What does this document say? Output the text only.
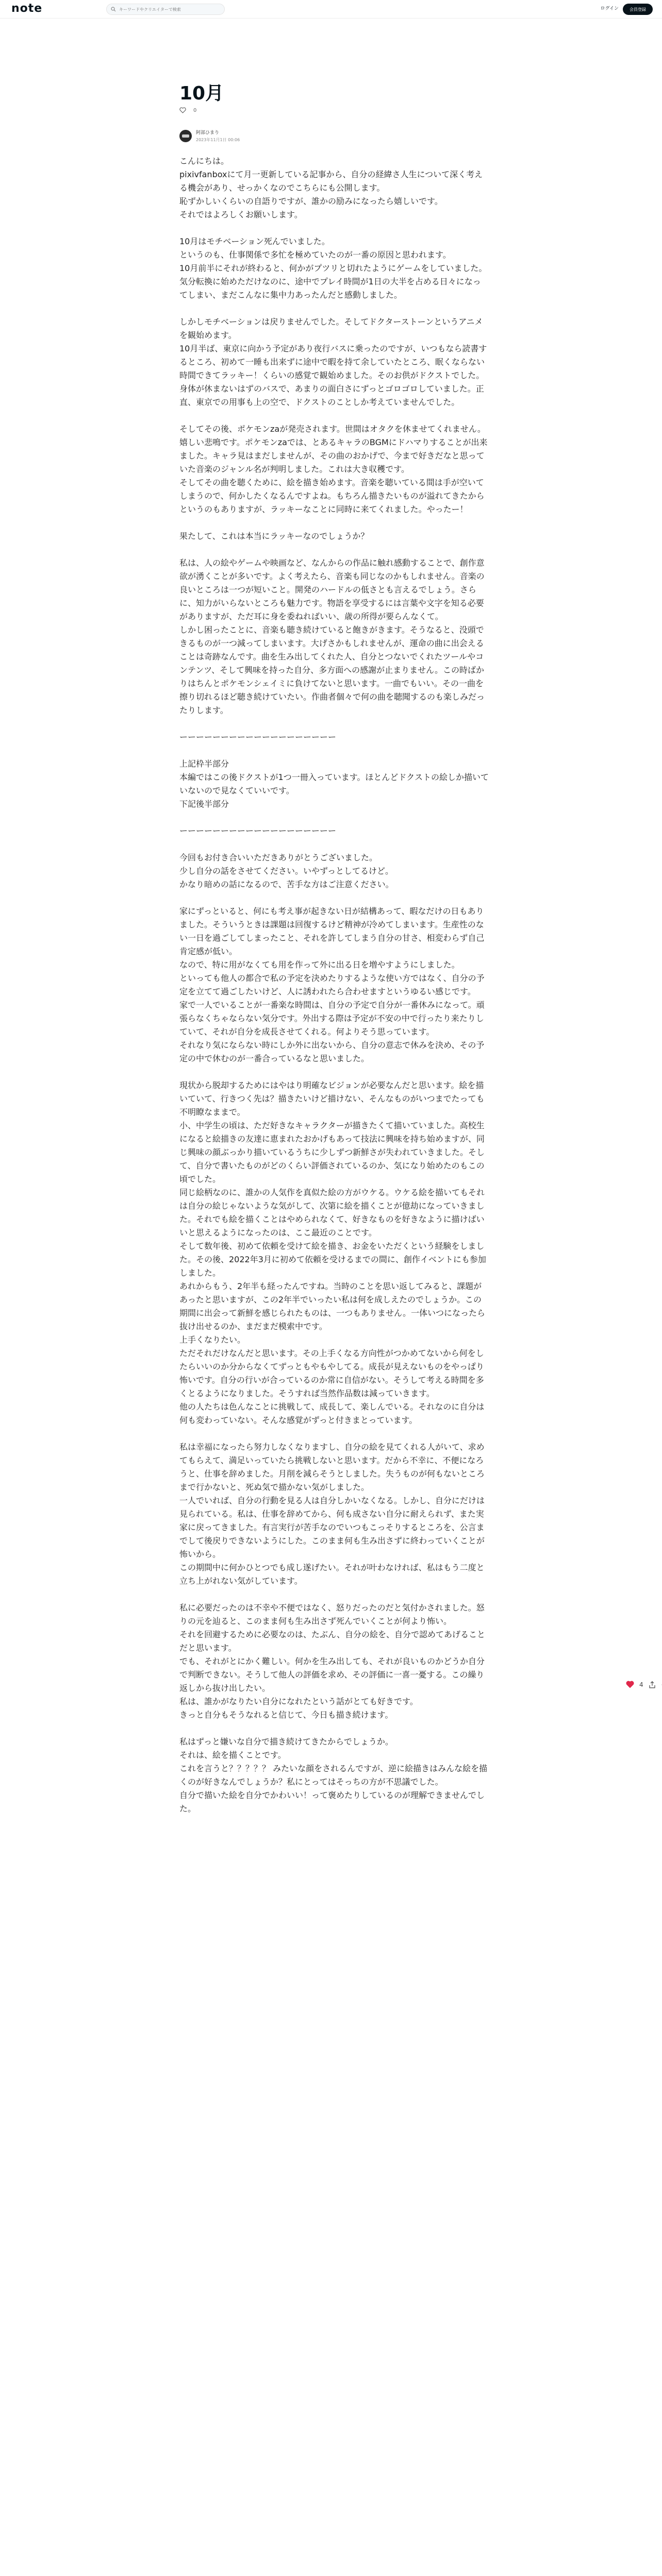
note
キーワードやクリエイターで検索	ログイン	会員登録
10月
0
阿部ひまり
2023年11月1日 00:06

こんにちは。

pixivfanboxにて月一更新している記事から、自分の経緯さ人生について深く考える機会があり、せっかくなのでこちらにも公開します。

恥ずかしいくらいの自語りですが、誰かの励みになったら嬉しいです。

それではよろしくお願いします。

10月はモチベーション死んでいました。

というのも、仕事関係で多忙を極めていたのが一番の原因と思われます。

10月前半にそれが終わると、何かがプツリと切れたようにゲームをしていました。気分転換に始めただけなのに、途中でプレイ時間が1日の大半を占める日々になってしまい、まだこんなに集中力あったんだと感動しました。

しかしモチベーションは戻りませんでした。そしてドクターストーンというアニメを観始めます。

10月半ば、東京に向かう予定があり夜行バスに乗ったのですが、いつもなら読書するところ、初めて一睡も出来ずに途中で暇を持て余していたところ、眠くならない時間できてラッキー！くらいの感覚で観始めました。そのお供がドクストでした。身体が休まないはずのバスで、あまりの面白さにずっとゴロゴロしていました。正直、東京での用事も上の空で、ドクストのことしか考えていませんでした。

そしてその後、ポケモンzaが発売されます。世間はオタクを休ませてくれません。嬉しい悲鳴です。ポケモンzaでは、とあるキャラのBGMにドハマりすることが出来ました。キャラ見はまだしませんが、その曲のおかげで、今まで好きだなと思っていた音楽のジャンル名が判明しました。これは大き収穫です。

そしてその曲を聴くために、絵を描き始めます。音楽を聴いている間は手が空いてしまうので、何かしたくなるんですよね。もちろん描きたいものが溢れてきたからというのもありますが、ラッキーなことに同時に来てくれました。やったー！

果たして、これは本当にラッキーなのでしょうか？

私は、人の絵やゲームや映画など、なんからの作品に触れ感動することで、創作意欲が湧くことが多いです。よく考えたら、音楽も同じなのかもしれません。音楽の良いところは一つが短いこと。開発のハードルの低さとも言えるでしょう。さらに、知力がいらないところも魅力です。物語を享受するには言葉や文字を知る必要がありますが、ただ耳に身を委ねればいい、歳の所得が要らんなくて。

しかし困ったことに、音楽も聴き続けていると飽きがきます。そうなると、没頭できるものが一つ減ってしまいます。大げさかもしれませんが、運命の曲に出会えることは奇跡なんです。曲を生み出してくれた人、自分とつないでくれたツールやコンテンツ、そして興味を持った自分、多方面への感謝が止まりません。この時ばかりはちんとポケモンシェイミに負けてないと思います。一曲でもいい。その一曲を擦り切れるほど聴き続けていたい。作曲者個々で何の曲を聴聞するのも楽しみだったりします。

ーーーーーーーーーーーーーーーーーーー

上記枠半部分

本編ではこの後ドクストが1つ一冊入っています。ほとんどドクストの絵しか描いていないので見なくていいです。

下記後半部分

ーーーーーーーーーーーーーーーーーーー

今回もお付き合いいただきありがとうございました。

少し自分の話をさせてください。いやずっとしてるけど。

かなり暗めの話になるので、苦手な方はご注意ください。

家にずっといると、何にも考え事が起きない日が結構あって、暇なだけの日もありました。そういうときは課題は回復するけど精神が冷めてしまいます。生産性のない一日を過ごしてしまったこと、それを許してしまう自分の甘さ、相変わらず自己肯定感が低い。

なので、特に用がなくても用を作って外に出る日を増やすようにしました。

といっても他人の都合で私の予定を決めたりするような使い方ではなく、自分の予定を立てて過ごしたいけど、人に誘われたら合わせますというゆるい感じです。

家で一人でいることが一番楽な時間は、自分の予定で自分が一番休みになって。頑張らなくちゃならない気分です。外出する際は予定が不安の中で行ったり来たりしていて、それが自分を成長させてくれる。何よりそう思っています。

それなり気にならない時にしか外に出ないから、自分の意志で休みを決め、その予定の中で休むのが一番合っているなと思いました。

現状から脱却するためにはやはり明確なビジョンが必要なんだと思います。絵を描いていて、行きつく先は？描きたいけど描けない、そんなものがいつまでたっても不明瞭なままで。

小、中学生の頃は、ただ好きなキャラクターが描きたくて描いていました。高校生になると絵描きの友達に恵まれたおかげもあって技法に興味を持ち始めますが、同じ興味の顔ぶっかり描いているうちに少しずつ新鮮さが失われていきました。そして、自分で書いたものがどのくらい評価されているのか、気になり始めたのもこの頃でした。

同じ絵柄なのに、誰かの人気作を真似た絵の方がウケる。ウケる絵を描いてもそれは自分の絵じゃないような気がして、次第に絵を描くことが億劫になっていきました。それでも絵を描くことはやめられなくて、好きなものを好きなように描けばいいと思えるようになったのは、ここ最近のことです。

そして数年後、初めて依頼を受けて絵を描き、お金をいただくという経験をしました。その後、2022年3月に初めて依頼を受けるまでの間に、創作イベントにも参加しました。

あれからもう、2年半も経ったんですね。当時のことを思い返してみると、課題があったと思いますが、この2年半でいったい私は何を成しえたのでしょうか。この期間に出会って新鮮を感じられたものは、一つもありません。一体いつになったら抜け出せるのか、まだまだ模索中です。

上手くなりたい。

ただそれだけなんだと思います。その上手くなる方向性がつかめてないから何をしたらいいのか分からなくてずっともやもやしてる。成長が見えないものをやっぱり怖いです。自分の行いが合っているのか常に自信がない。そうして考える時間を多くとるようになりました。そうすれば当然作品数は減っていきます。

他の人たちは色んなことに挑戦して、成長して、楽しんでいる。それなのに自分は何も変わっていない。そんな感覚がずっと付きまとっています。

私は幸福になったら努力しなくなりますし、自分の絵を見てくれる人がいて、求めてもらえて、満足いっていたら挑戦しないと思います。だから不幸に、不便になろうと、仕事を辞めました。月削を減らそうとしました。失うものが何もないところまで行かないと、死ぬ気で描かない気がしました。

一人でいれば、自分の行動を見る人は自分しかいなくなる。しかし、自分にだけは見られている。私は、仕事を辞めてから、何も成さない自分に耐えられず、また実家に戻ってきました。有言実行が苦手なのでいつもこっそりするところを、公言までして後戻りできないようにした。このまま何も生み出さずに終わっていくことが怖いから。

この期間中に何かひとつでも成し遂げたい。それが叶わなければ、私はもう二度と立ち上がれない気がしています。

私に必要だったのは不幸や不便ではなく、怒りだったのだと気付かされました。怒りの元を辿ると、このまま何も生み出さず死んでいくことが何より怖い。

それを回避するために必要なのは、たぶん、自分の絵を、自分で認めてあげることだと思います。

でも、それがとにかく難しい。何かを生み出しても、それが良いものかどうか自分で判断できない。そうして他人の評価を求め、その評価に一喜一憂する。この繰り返しから抜け出したい。

私は、誰かがなりたい自分になれたという話がとても好きです。

きっと自分もそうなれると信じて、今日も描き続けます。

私はずっと嫌いな自分で描き続けてきたからでしょうか。

それは、絵を描くことです。

これを言うと？？？？？ みたいな顔をされるんですが、逆に絵描きはみんな絵を描くのが好きなんでしょうか？私にとってはそっちの方が不思議でした。

自分で描いた絵を自分でかわいい！って褒めたりしているのが理解できませんでした。

4
